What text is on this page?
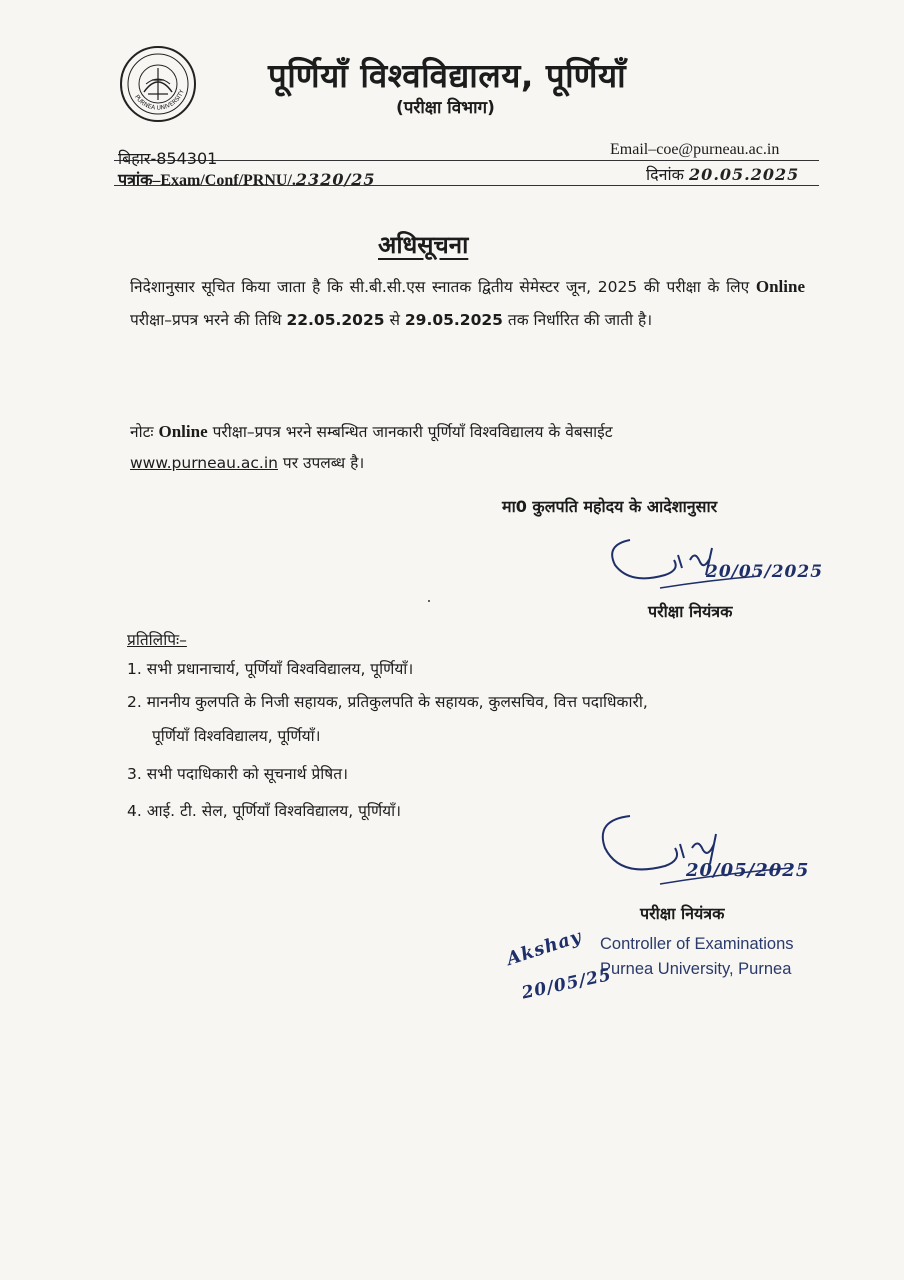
PURNEA UNIVERSITY पूर्णियाँ विश्वविद्यालय, पूर्णियाँ
(परीक्षा विभाग)
Email–coe@purneau.ac.in
बिहार-854301
पत्रांक–Exam/Conf/PRNU/.2320/25	दिनांक 20.05.2025
अधिसूचना
निदेशानुसार सूचित किया जाता है कि सी.बी.सी.एस स्नातक द्वितीय सेमेस्टर जून, 2025 की परीक्षा के लिए Online परीक्षा–प्रपत्र भरने की तिथि 22.05.2025 से 29.05.2025 तक निर्धारित की जाती है।
नोटः Online परीक्षा–प्रपत्र भरने सम्बन्धित जानकारी पूर्णियाँ विश्वविद्यालय के वेबसाईट
www.purneau.ac.in पर उपलब्ध है।
मा0 कुलपति महोदय के आदेशानुसार
20/05/2025
परीक्षा नियंत्रक
प्रतिलिपिः–
1. सभी प्रधानाचार्य, पूर्णियाँ विश्वविद्यालय, पूर्णियाँ।
2. माननीय कुलपति के निजी सहायक, प्रतिकुलपति के सहायक, कुलसचिव, वित्त पदाधिकारी,
पूर्णियाँ विश्वविद्यालय, पूर्णियाँ।
3. सभी पदाधिकारी को सूचनार्थ प्रेषित।
4. आई. टी. सेल, पूर्णियाँ विश्वविद्यालय, पूर्णियाँ।
20/05/2025
परीक्षा नियंत्रक
Controller of Examinations
Purnea University, Purnea
Akshay
20/05/25
